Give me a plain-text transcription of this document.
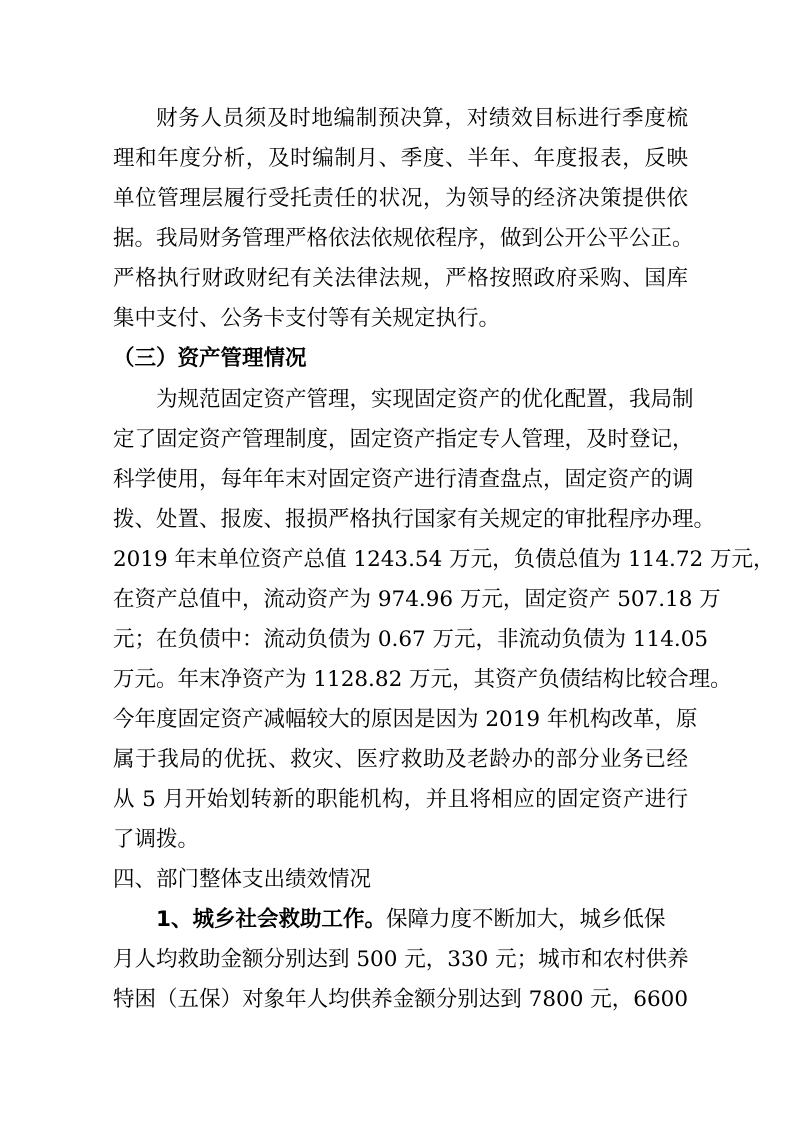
财务人员须及时地编制预决算，对绩效目标进行季度梳
理和年度分析，及时编制月、季度、半年、年度报表，反映
单位管理层履行受托责任的状况，为领导的经济决策提供依
据。我局财务管理严格依法依规依程序，做到公开公平公正。
严格执行财政财纪有关法律法规，严格按照政府采购、国库
集中支付、公务卡支付等有关规定执行。
（三）资产管理情况
为规范固定资产管理，实现固定资产的优化配置，我局制
定了固定资产管理制度，固定资产指定专人管理，及时登记，
科学使用，每年年末对固定资产进行清查盘点，固定资产的调
拨、处置、报废、报损严格执行国家有关规定的审批程序办理。
2019 年末单位资产总值 1243.54 万元，负债总值为 114.72 万元，
在资产总值中，流动资产为 974.96 万元，固定资产 507.18 万
元；在负债中：流动负债为 0.67 万元，非流动负债为 114.05
万元。年末净资产为 1128.82 万元，其资产负债结构比较合理。
今年度固定资产减幅较大的原因是因为 2019 年机构改革，原
属于我局的优抚、救灾、医疗救助及老龄办的部分业务已经
从 5 月开始划转新的职能机构，并且将相应的固定资产进行
了调拨。
四、部门整体支出绩效情况
1、城乡社会救助工作。保障力度不断加大，城乡低保
月人均救助金额分别达到 500 元，330 元；城市和农村供养
特困（五保）对象年人均供养金额分别达到 7800 元，6600
